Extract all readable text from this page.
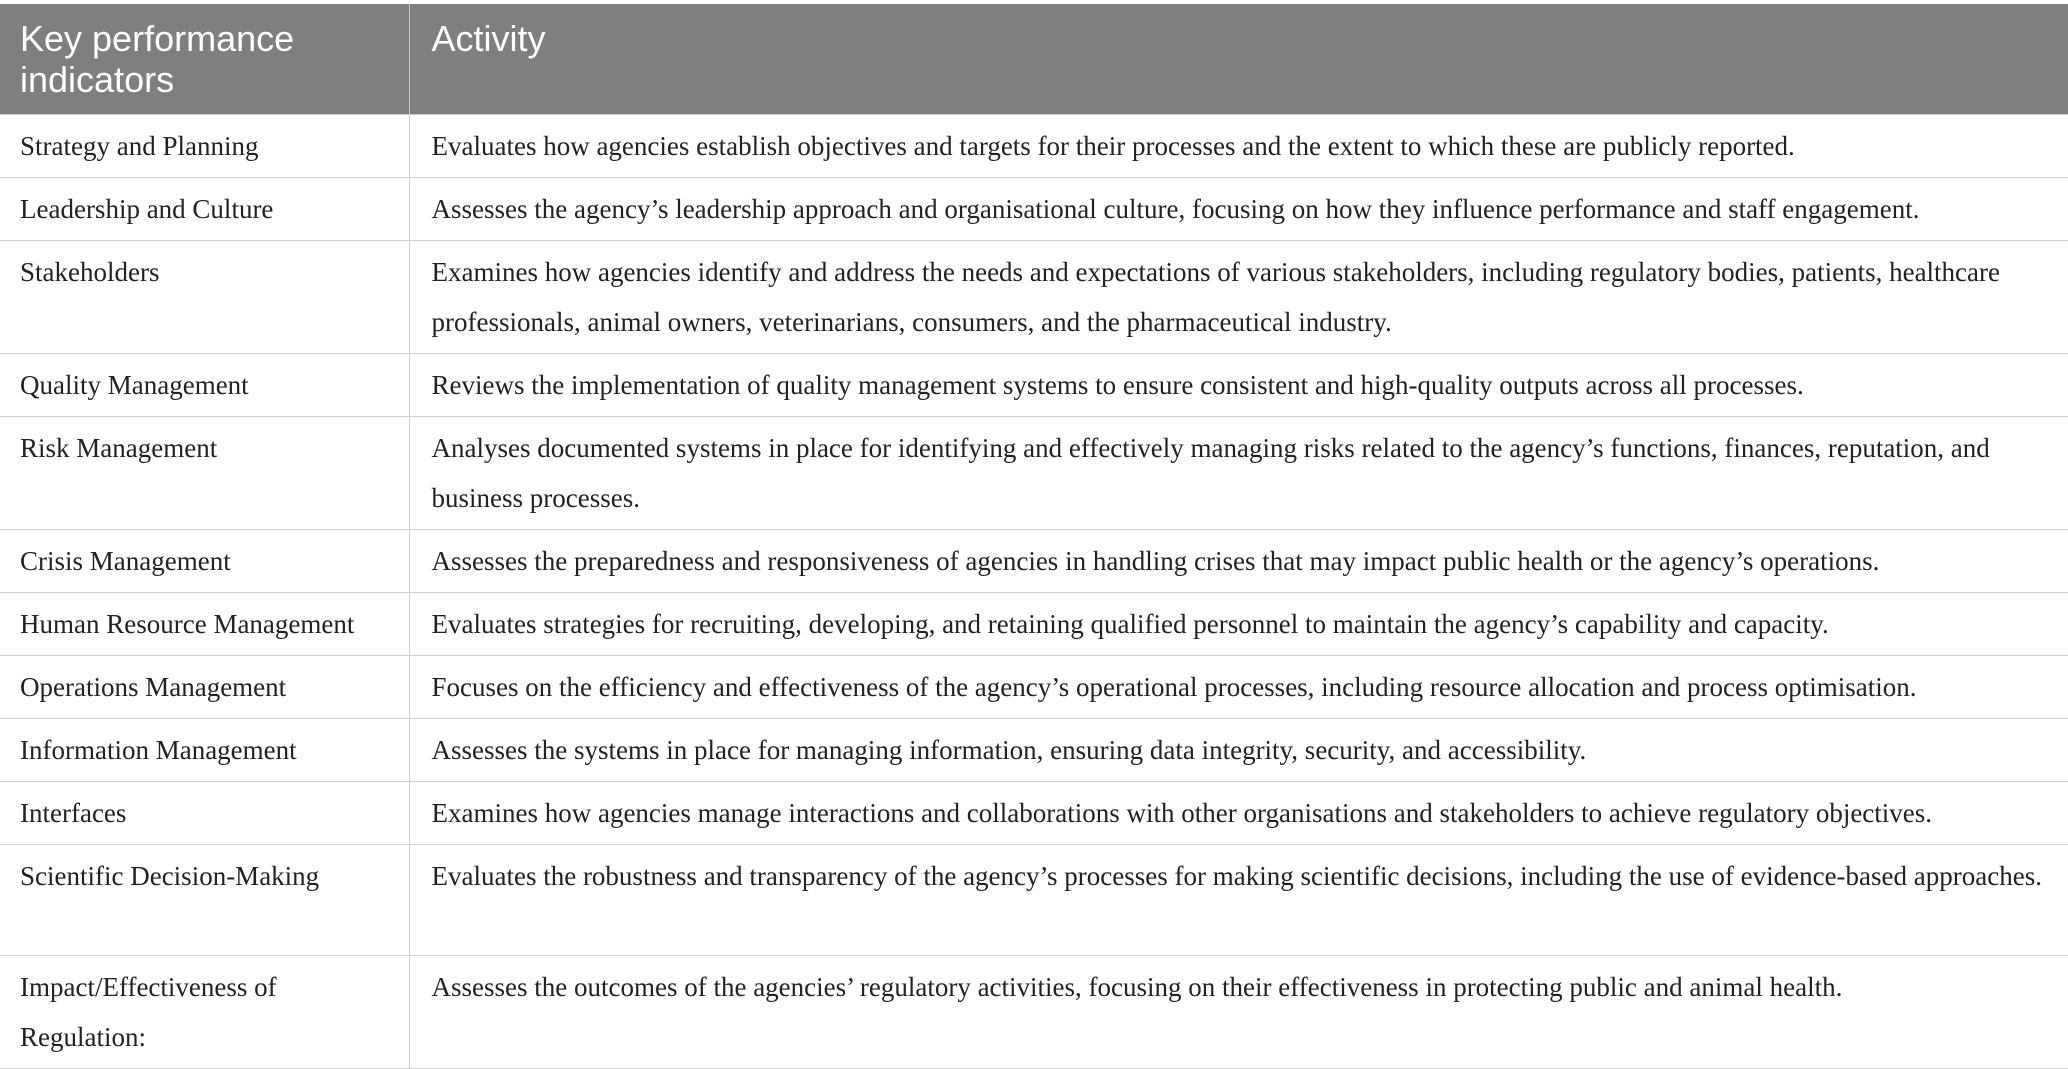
Key performance indicators	Activity
Strategy and Planning	Evaluates how agencies establish objectives and targets for their processes and the extent to which these are publicly reported.
Leadership and Culture	Assesses the agency’s leadership approach and organisational culture, focusing on how they influence performance and staff engagement.
Stakeholders	Examines how agencies identify and address the needs and expectations of various stakeholders, including regulatory bodies, patients, healthcare professionals, animal owners, veterinarians, consumers, and the pharmaceutical industry.
Quality Management	Reviews the implementation of quality management systems to ensure consistent and high-quality outputs across all processes.
Risk Management	Analyses documented systems in place for identifying and effectively managing risks related to the agency’s functions, finances, reputation, and business processes.
Crisis Management	Assesses the preparedness and responsiveness of agencies in handling crises that may impact public health or the agency’s operations.
Human Resource Management	Evaluates strategies for recruiting, developing, and retaining qualified personnel to maintain the agency’s capability and capacity.
Operations Management	Focuses on the efficiency and effectiveness of the agency’s operational processes, including resource allocation and process optimisation.
Information Management	Assesses the systems in place for managing information, ensuring data integrity, security, and accessibility.
Interfaces	Examines how agencies manage interactions and collaborations with other organisations and stakeholders to achieve regulatory objectives.
Scientific Decision-Making	Evaluates the robustness and transparency of the agency’s processes for making scientific decisions, including the use of evidence-based approaches.
Impact/Effectiveness of Regulation:	Assesses the outcomes of the agencies’ regulatory activities, focusing on their effectiveness in protecting public and animal health.
